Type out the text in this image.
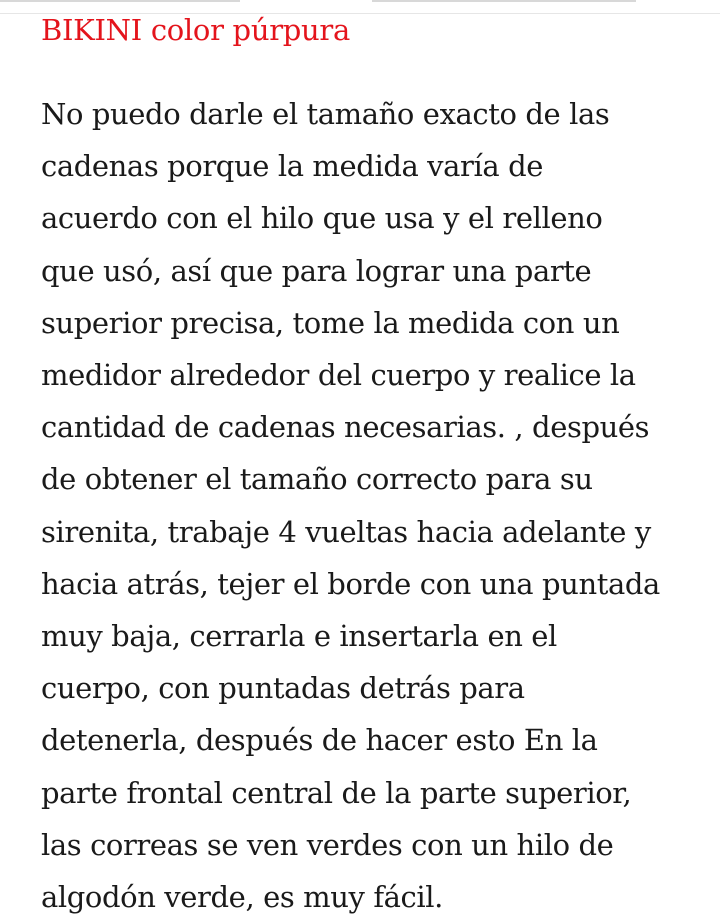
BIKINI color púrpura

No puedo darle el tamaño exacto de las
cadenas porque la medida varía de
acuerdo con el hilo que usa y el relleno
que usó, así que para lograr una parte
superior precisa, tome la medida con un
medidor alrededor del cuerpo y realice la
cantidad de cadenas necesarias. , después
de obtener el tamaño correcto para su
sirenita, trabaje 4 vueltas hacia adelante y
hacia atrás, tejer el borde con una puntada
muy baja, cerrarla e insertarla en el
cuerpo, con puntadas detrás para
detenerla, después de hacer esto En la
parte frontal central de la parte superior,
las correas se ven verdes con un hilo de
algodón verde, es muy fácil.
